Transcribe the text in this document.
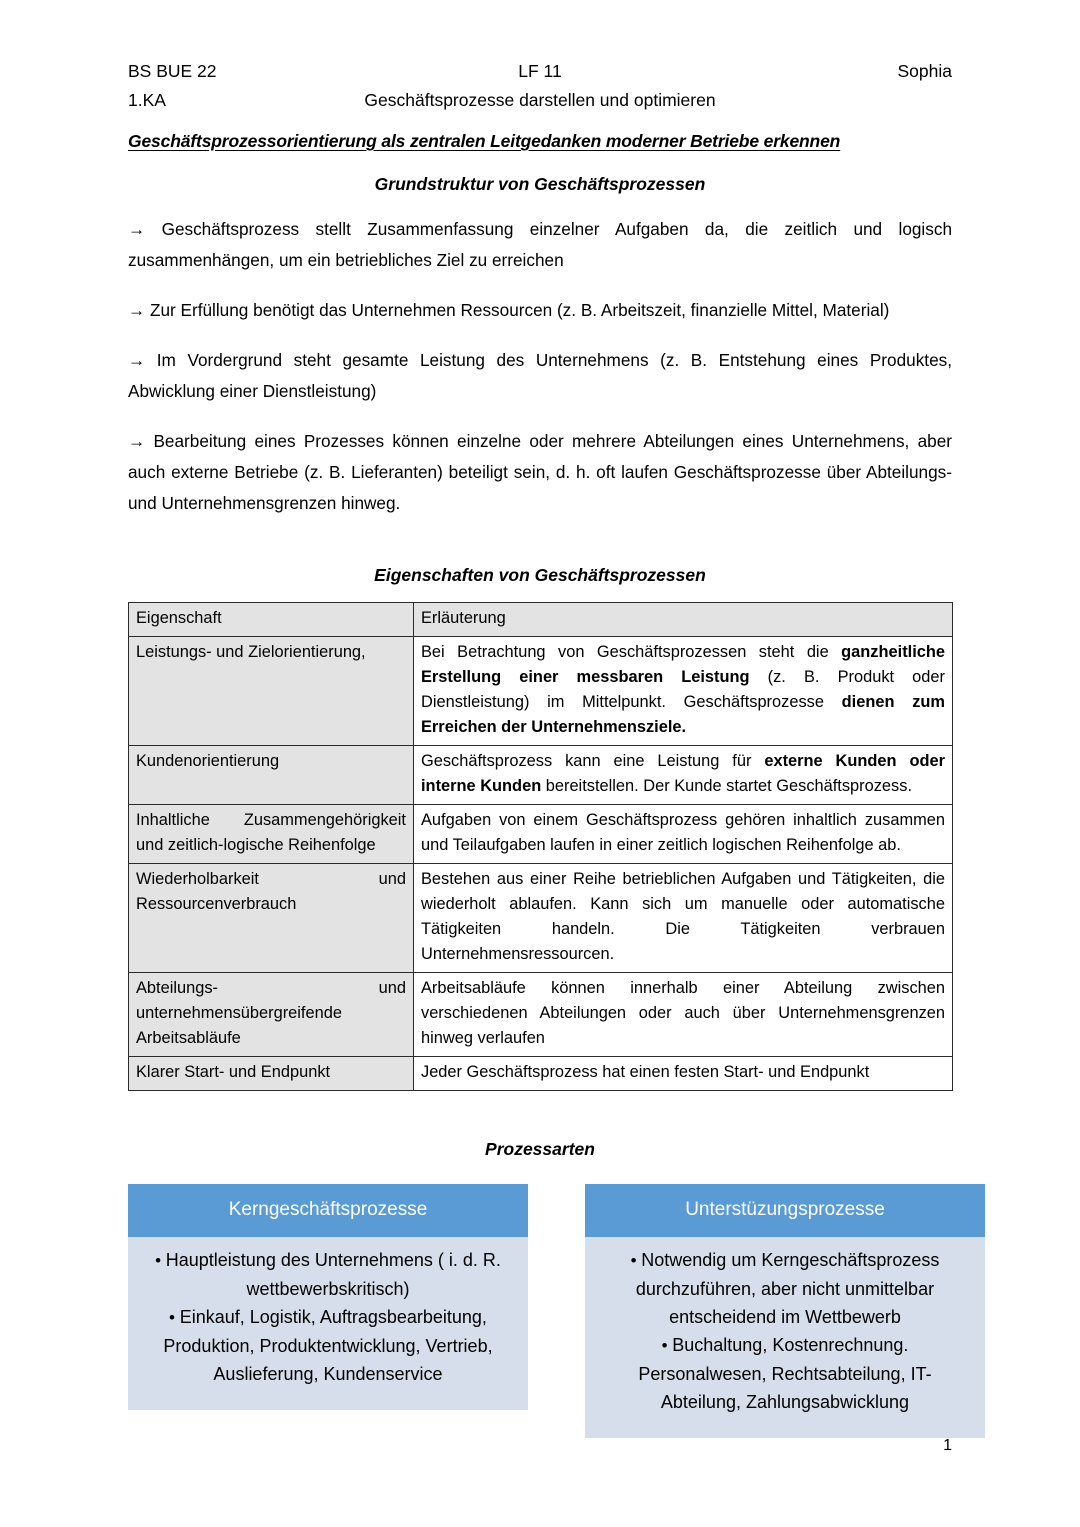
BS BUE 22	LF 11	Sophia
1.KA	Geschäftsprozesse darstellen und optimieren
Geschäftsprozessorientierung als zentralen Leitgedanken moderner Betriebe erkennen
Grundstruktur von Geschäftsprozessen
→ Geschäftsprozess stellt Zusammenfassung einzelner Aufgaben da, die zeitlich und logisch zusammenhängen, um ein betriebliches Ziel zu erreichen
→ Zur Erfüllung benötigt das Unternehmen Ressourcen (z. B. Arbeitszeit, finanzielle Mittel, Material)
→ Im Vordergrund steht gesamte Leistung des Unternehmens (z. B. Entstehung eines Produktes, Abwicklung einer Dienstleistung)
→ Bearbeitung eines Prozesses können einzelne oder mehrere Abteilungen eines Unternehmens, aber auch externe Betriebe (z. B. Lieferanten) beteiligt sein, d. h. oft laufen Geschäftsprozesse über Abteilungs- und Unternehmensgrenzen hinweg.
Eigenschaften von Geschäftsprozessen
Eigenschaft	Erläuterung
Leistungs- und Zielorientierung,	Bei Betrachtung von Geschäftsprozessen steht die ganzheitliche Erstellung einer messbaren Leistung (z. B. Produkt oder Dienstleistung) im Mittelpunkt. Geschäftsprozesse dienen zum Erreichen der Unternehmensziele.
Kundenorientierung	Geschäftsprozess kann eine Leistung für externe Kunden oder interne Kunden bereitstellen. Der Kunde startet Geschäftsprozess.
Inhaltliche Zusammengehörigkeit und zeitlich-logische Reihenfolge	Aufgaben von einem Geschäftsprozess gehören inhaltlich zusammen und Teilaufgaben laufen in einer zeitlich logischen Reihenfolge ab.
Wiederholbarkeit und Ressourcenverbrauch	Bestehen aus einer Reihe betrieblichen Aufgaben und Tätigkeiten, die wiederholt ablaufen. Kann sich um manuelle oder automatische Tätigkeiten handeln. Die Tätigkeiten verbrauen Unternehmensressourcen.
Abteilungs- und unternehmensübergreifende Arbeitsabläufe	Arbeitsabläufe können innerhalb einer Abteilung zwischen verschiedenen Abteilungen oder auch über Unternehmensgrenzen hinweg verlaufen
Klarer Start- und Endpunkt	Jeder Geschäftsprozess hat einen festen Start- und Endpunkt
Prozessarten
Kerngeschäftsprozesse
• Hauptleistung des Unternehmens ( i. d. R. wettbewerbskritisch)
• Einkauf, Logistik, Auftragsbearbeitung, Produktion, Produktentwicklung, Vertrieb, Auslieferung, Kundenservice
Unterstüzungsprozesse
• Notwendig um Kerngeschäftsprozess durchzuführen, aber nicht unmittelbar entscheidend im Wettbewerb
• Buchaltung, Kostenrechnung. Personalwesen, Rechtsabteilung, IT-Abteilung, Zahlungsabwicklung
1
